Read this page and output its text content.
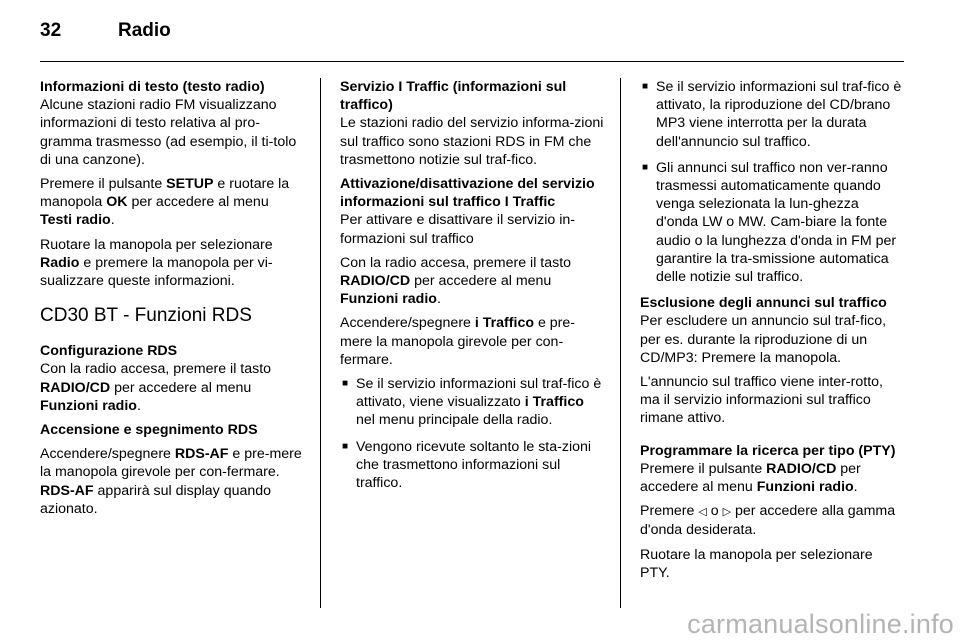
32	Radio
Informazioni di testo (testo radio)

Alcune stazioni radio FM visualizzano informazioni di testo relativa al pro-gramma trasmesso (ad esempio, il ti-tolo di una canzone).

Premere il pulsante SETUP e ruotare la manopola OK per accedere al menu Testi radio.

Ruotare la manopola per selezionare Radio e premere la manopola per vi-sualizzare queste informazioni.

CD30 BT - Funzioni RDS
Configurazione RDS

Con la radio accesa, premere il tasto RADIO/CD per accedere al menu Funzioni radio.

Accensione e spegnimento RDS

Accendere/spegnere RDS-AF e pre-mere la manopola girevole per con-fermare. RDS-AF apparirà sul display quando azionato.

Servizio I Traffic (informazioni sul traffico)

Le stazioni radio del servizio informa-zioni sul traffico sono stazioni RDS in FM che trasmettono notizie sul traf-fico.

Attivazione/disattivazione del servizio informazioni sul traffico I Traffic

Per attivare e disattivare il servizio in-formazioni sul traffico

Con la radio accesa, premere il tasto RADIO/CD per accedere al menu Funzioni radio.

Accendere/spegnere i Traffico e pre-mere la manopola girevole per con-fermare.

■ Se il servizio informazioni sul traf-fico è attivato, viene visualizzato i Traffico nel menu principale della radio.
■ Vengono ricevute soltanto le sta-zioni che trasmettono informazioni sul traffico.
■ Se il servizio informazioni sul traf-fico è attivato, la riproduzione del CD/brano MP3 viene interrotta per la durata dell'annuncio sul traffico.
■ Gli annunci sul traffico non ver-ranno trasmessi automaticamente quando venga selezionata la lun-ghezza d'onda LW o MW. Cam-biare la fonte audio o la lunghezza d'onda in FM per garantire la tra-smissione automatica delle notizie sul traffico.
Esclusione degli annunci sul traffico

Per escludere un annuncio sul traf-fico, per es. durante la riproduzione di un CD/MP3: Premere la manopola.

L'annuncio sul traffico viene inter-rotto, ma il servizio informazioni sul traffico rimane attivo.

Programmare la ricerca per tipo (PTY)

Premere il pulsante RADIO/CD per accedere al menu Funzioni radio.

Premere ◁ o ▷ per accedere alla gamma d'onda desiderata.

Ruotare la manopola per selezionare PTY.

carmanualsonline.info
